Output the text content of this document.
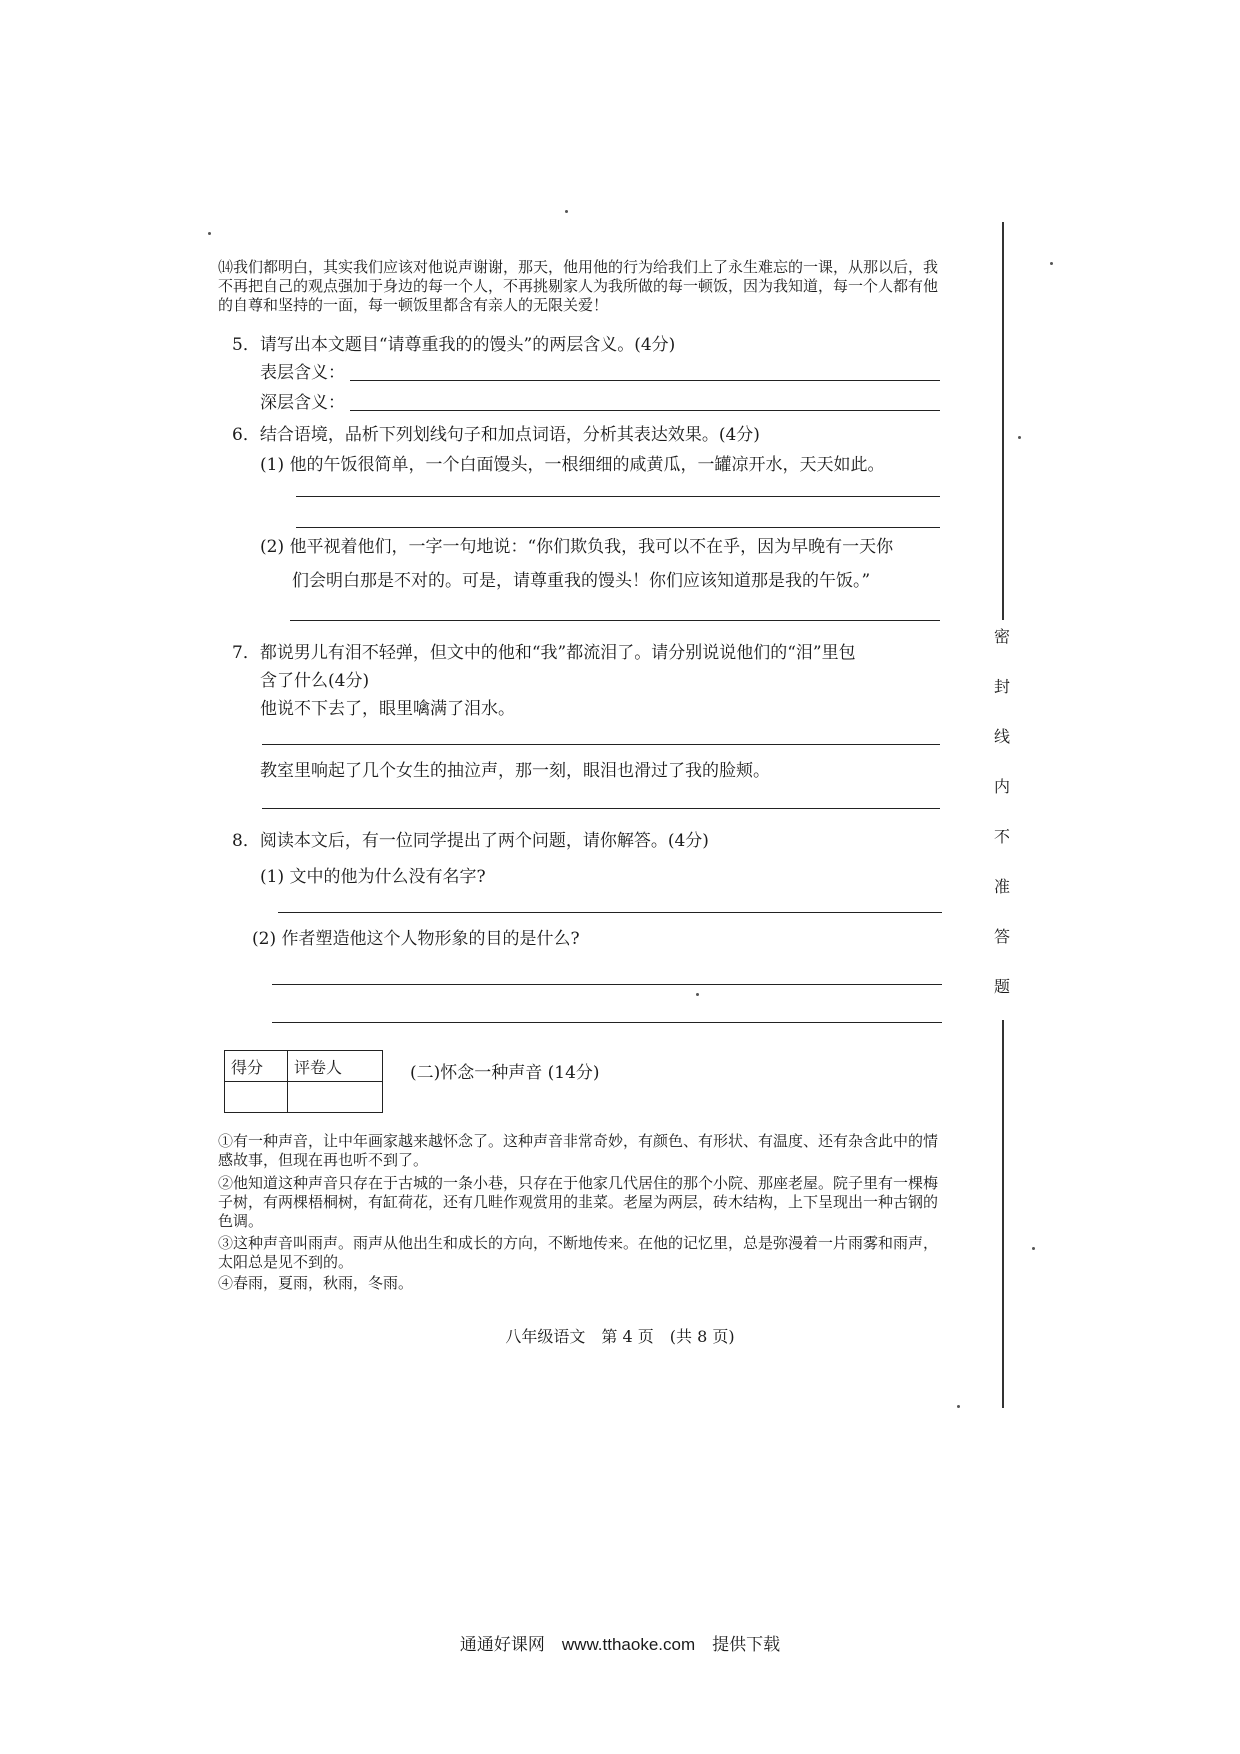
⒁我们都明白，其实我们应该对他说声谢谢，那天，他用他的行为给我们上了永生难忘的一课，从那以后，我不再把自己的观点强加于身边的每一个人，不再挑剔家人为我所做的每一顿饭，因为我知道，每一个人都有他的自尊和坚持的一面，每一顿饭里都含有亲人的无限关爱！
5．请写出本文题目“请尊重我的的馒头”的两层含义。(4分)
表层含义：
深层含义：
6．结合语境，品析下列划线句子和加点词语，分析其表达效果。(4分)
(1) 他的午饭很简单，一个白面馒头，一根细细的咸黄瓜，一罐凉开水，天天如此。
(2) 他平视着他们，一字一句地说：“你们欺负我，我可以不在乎，因为早晚有一天你
们会明白那是不对的。可是，请尊重我的馒头！你们应该知道那是我的午饭。”
7．都说男儿有泪不轻弹，但文中的他和“我”都流泪了。请分别说说他们的“泪”里包
含了什么(4分)
他说不下去了，眼里噙满了泪水。
教室里响起了几个女生的抽泣声，那一刻，眼泪也滑过了我的脸颊。
8．阅读本文后，有一位同学提出了两个问题，请你解答。(4分)
(1) 文中的他为什么没有名字?
(2) 作者塑造他这个人物形象的目的是什么?
得分	评卷人
		(二)怀念一种声音 (14分)
①有一种声音，让中年画家越来越怀念了。这种声音非常奇妙，有颜色、有形状、有温度、还有杂含此中的情感故事，但现在再也听不到了。
②他知道这种声音只存在于古城的一条小巷，只存在于他家几代居住的那个小院、那座老屋。院子里有一棵梅子树，有两棵梧桐树，有缸荷花，还有几畦作观赏用的韭菜。老屋为两层，砖木结构，上下呈现出一种古钢的色调。
③这种声音叫雨声。雨声从他出生和成长的方向，不断地传来。在他的记忆里，总是弥漫着一片雨雾和雨声，太阳总是见不到的。
④春雨，夏雨，秋雨，冬雨。
八年级语文　第 4 页　(共 8 页)
密
封
线
内
不
准
答
题
通通好课网　www.tthaoke.com　提供下载
